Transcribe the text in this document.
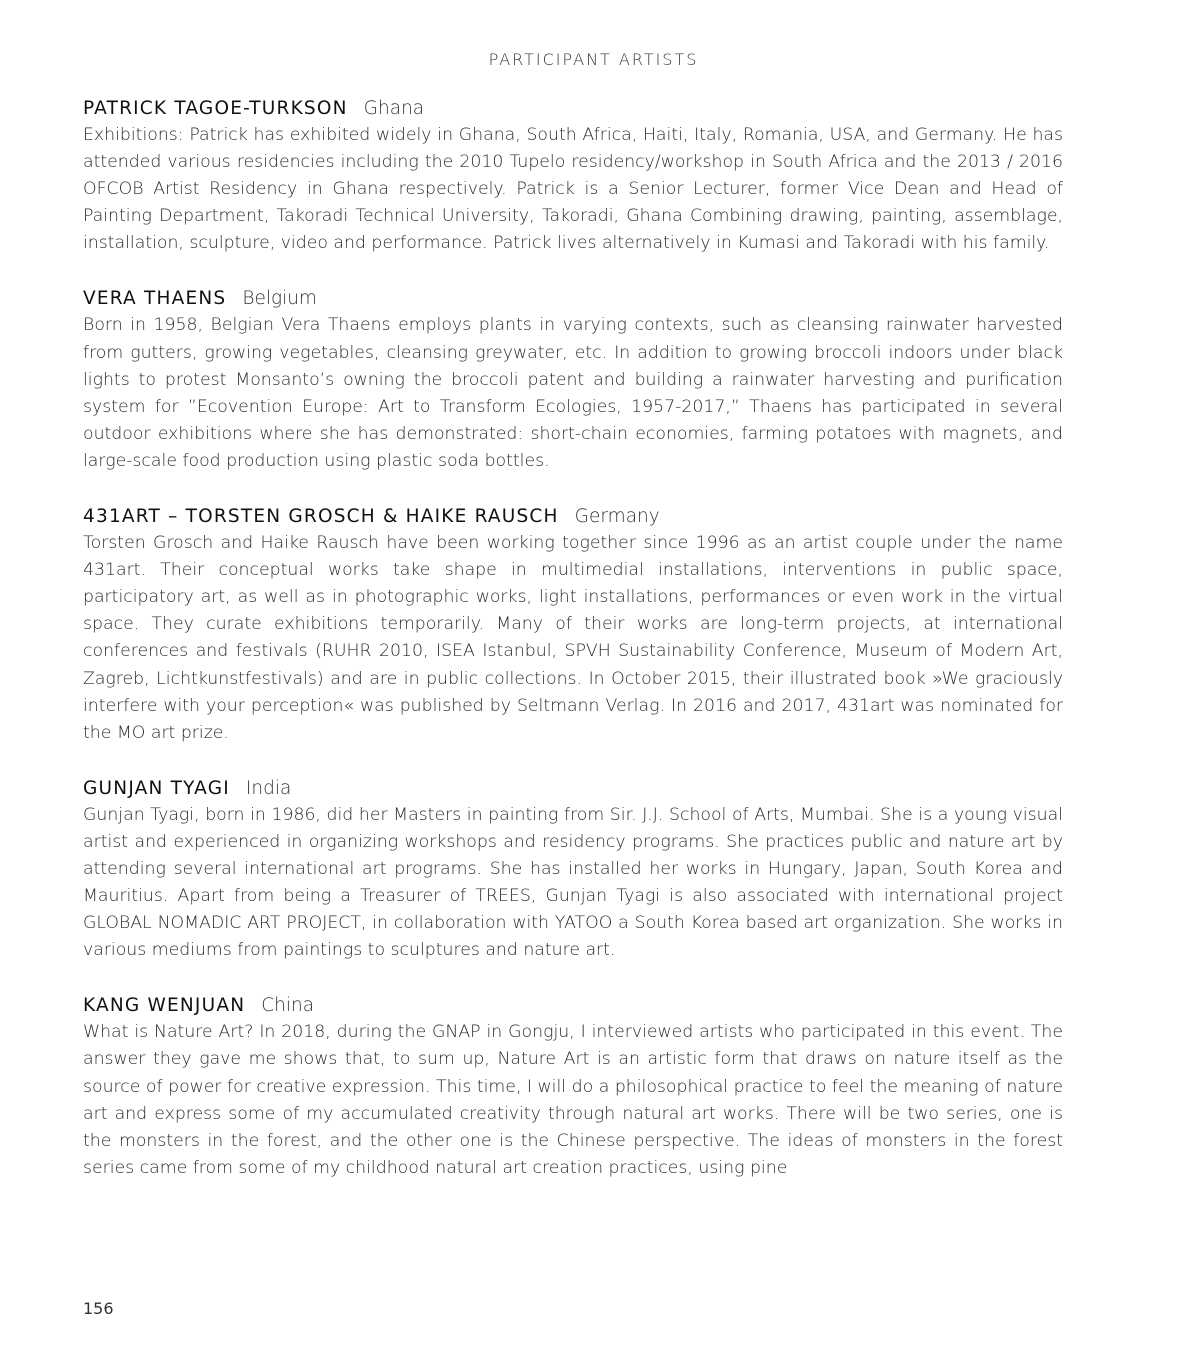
PARTICIPANT ARTISTS

PATRICK TAGOE-TURKSON Ghana

Exhibitions: Patrick has exhibited widely in Ghana, South Africa, Haiti, Italy, Romania, USA, and Germany. He has attended various residencies including the 2010 Tupelo residency/workshop in South Africa and the 2013 / 2016 OFCOB Artist Residency in Ghana respectively. Patrick is a Senior Lecturer, former Vice Dean and Head of Painting Department, Takoradi Technical University, Takoradi, Ghana Combining drawing, painting, assemblage, installation, sculpture, video and performance. Patrick lives alternatively in Kumasi and Takoradi with his family.

VERA THAENS Belgium

Born in 1958, Belgian Vera Thaens employs plants in varying contexts, such as cleansing rainwater harvested from gutters, growing vegetables, cleansing greywater, etc. In addition to growing broccoli indoors under black lights to protest Monsanto’s owning the broccoli patent and building a rainwater harvesting and purification system for ”Ecovention Europe: Art to Transform Ecologies, 1957-2017,” Thaens has participated in several outdoor exhibitions where she has demonstrated: short-chain economies, farming potatoes with magnets, and large-scale food production using plastic soda bottles.

431ART – TORSTEN GROSCH & HAIKE RAUSCH Germany

Torsten Grosch and Haike Rausch have been working together since 1996 as an artist couple under the name 431art. Their conceptual works take shape in multimedial installations, interventions in public space, participatory art, as well as in photographic works, light installations, performances or even work in the virtual space. They curate exhibitions temporarily. Many of their works are long-term projects, at international conferences and festivals (RUHR 2010, ISEA Istanbul, SPVH Sustainability Conference, Museum of Modern Art, Zagreb, Lichtkunstfestivals) and are in public collections. In October 2015, their illustrated book »We graciously interfere with your perception« was published by Seltmann Verlag. In 2016 and 2017, 431art was nominated for the MO art prize.

GUNJAN TYAGI India

Gunjan Tyagi, born in 1986, did her Masters in painting from Sir. J.J. School of Arts, Mumbai. She is a young visual artist and experienced in organizing workshops and residency programs. She practices public and nature art by attending several international art programs. She has installed her works in Hungary, Japan, South Korea and Mauritius. Apart from being a Treasurer of TREES, Gunjan Tyagi is also associated with international project GLOBAL NOMADIC ART PROJECT, in collaboration with YATOO a South Korea based art organization. She works in various mediums from paintings to sculptures and nature art.

KANG WENJUAN China

What is Nature Art? In 2018, during the GNAP in Gongju, I interviewed artists who participated in this event. The answer they gave me shows that, to sum up, Nature Art is an artistic form that draws on nature itself as the source of power for creative expression. This time, I will do a philosophical practice to feel the meaning of nature art and express some of my accumulated creativity through natural art works. There will be two series, one is the monsters in the forest, and the other one is the Chinese perspective. The ideas of monsters in the forest series came from some of my childhood natural art creation practices, using pine

156
